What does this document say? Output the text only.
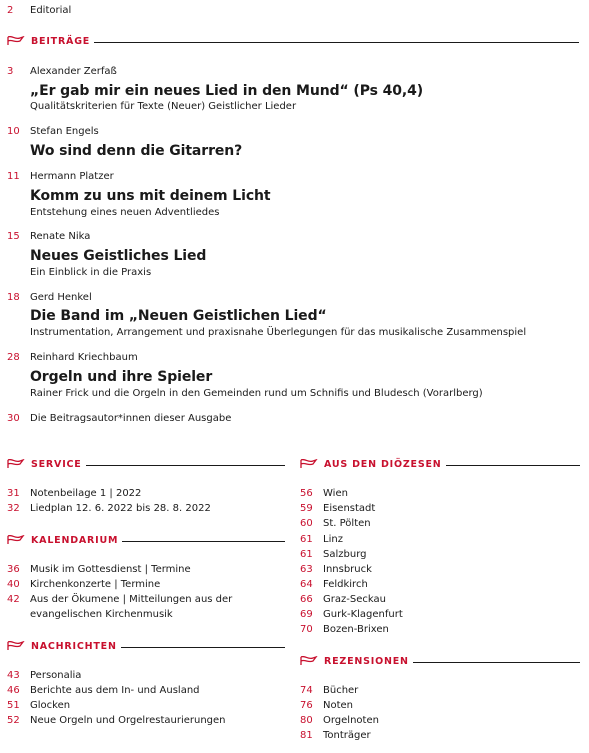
2 Editorial
BEITRÄGE
3 Alexander Zerfaß
„Er gab mir ein neues Lied in den Mund“ (Ps 40,4)
Qualitätskriterien für Texte (Neuer) Geistlicher Lieder
10 Stefan Engels
Wo sind denn die Gitarren?
11 Hermann Platzer
Komm zu uns mit deinem Licht
Entstehung eines neuen Adventliedes
15 Renate Nika
Neues Geistliches Lied
Ein Einblick in die Praxis
18 Gerd Henkel
Die Band im „Neuen Geistlichen Lied“
Instrumentation, Arrangement und praxisnahe Überlegungen für das musikalische Zusammenspiel
28 Reinhard Kriechbaum
Orgeln und ihre Spieler
Rainer Frick und die Orgeln in den Gemeinden rund um Schnifis und Bludesch (Vorarlberg)
30 Die Beitragsautor*innen dieser Ausgabe
SERVICE
31 Notenbeilage 1 | 2022
32 Liedplan 12. 6. 2022 bis 28. 8. 2022
KALENDARIUM
36 Musik im Gottesdienst | Termine
40 Kirchenkonzerte | Termine
42 Aus der Ökumene | Mitteilungen aus der
evangelischen Kirchenmusik
NACHRICHTEN
43 Personalia
46 Berichte aus dem In- und Ausland
51 Glocken
52 Neue Orgeln und Orgelrestaurierungen
AUS DEN DIÖZESEN
56 Wien
59 Eisenstadt
60 St. Pölten
61 Linz
61 Salzburg
63 Innsbruck
64 Feldkirch
66 Graz-Seckau
69 Gurk-Klagenfurt
70 Bozen-Brixen
REZENSIONEN
74 Bücher
76 Noten
80 Orgelnoten
81 Tonträger
